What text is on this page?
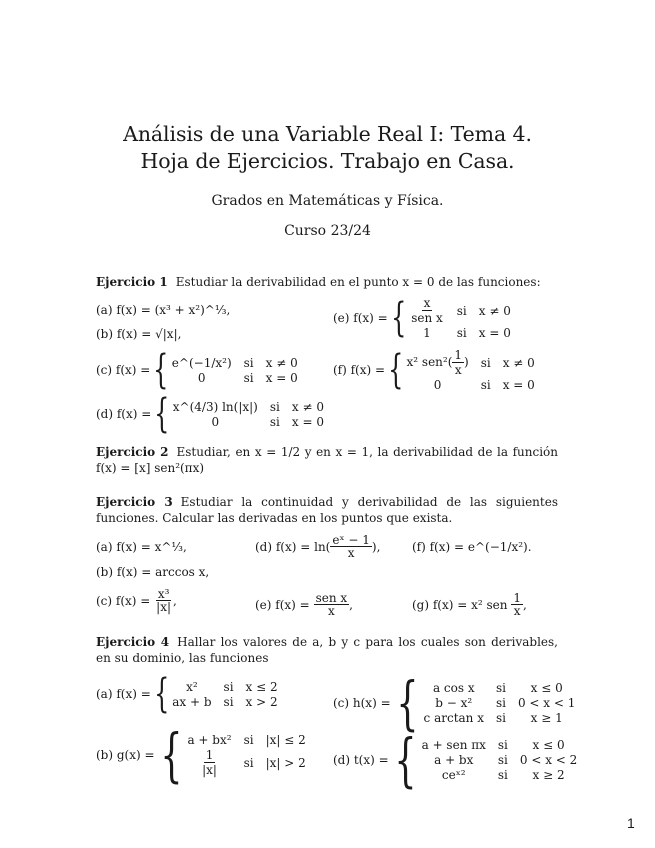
Análisis de una Variable Real I: Tema 4.
Hoja de Ejercicios. Trabajo en Casa.
Grados en Matemáticas y Física.
Curso 23/24
Ejercicio 1 Estudiar la derivabilidad en el punto x = 0 de las funciones:
(a) f(x) = (x³ + x²)^⅓,
(b) f(x) = √|x|,
(c) f(x) = { e^(−1/x²) si x ≠ 0
0	si x = 0
(d) f(x) = { x^(4/3) ln(|x|) si x ≠ 0
0	si x = 0
(e) f(x) = { $\frac{x}{\text{sen x}}$ si x ≠ 0
1	si x = 0
(f) f(x) = { x² $sen^2( \frac{1}{x}$ ) si x ≠ 0
0	si x = 0
Ejercicio 2 Estudiar, en x = 1/2 y en x = 1, la derivabilidad de la función f(x) = [x] sen²(πx)
Ejercicio 3 Estudiar la continuidad y derivabilidad de las siguientes funciones. Calcular las derivadas en los puntos que exista.
(a) f(x) = x^⅓,
(b) f(x) = arccos x,
(c) f(x) =
$\frac{\text{x³}}{|x|}$ ,
(d) $f(x) = \ln( \frac{\text{eˣ − 1}}{x}$ ),
(e) f(x) =
$\frac{\text{sen x}}{x}$ ,
(f) f(x) = e^(−1/x²).
(g) f(x) = x² sen
$\frac{1}{x}$ ,
Ejercicio 4 Hallar los valores de a, b y c para los cuales son derivables, en su dominio, las funciones
(a) f(x) = {	x²	si x ≤ 2
ax + b si x > 2
(b) g(x) = { a + bx² si |x| ≤ 2
$\frac{1}{|x|}$ si |x| > 2
(c) h(x) = {	a cos x	si	x ≤ 0
b − x²	si 0 < x < 1
c arctan x si	x ≥ 1
(d) t(x) = { a + sen πx si	x ≤ 0
a + bx	si 0 < x < 2
ceˣ²	si	x ≥ 2
1
